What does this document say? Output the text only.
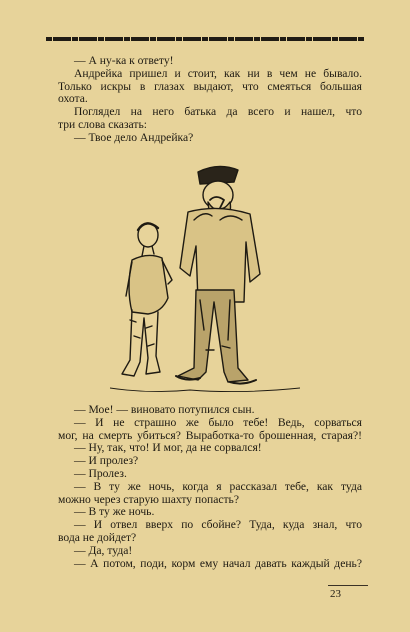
— А ну-ка к ответу!
Андрейка пришел и стоит, как ни в чем не бывало.
Только искры в глазах выдают, что смеяться большая
охота.
Поглядел на него батька да всего и нашел, что
три слова сказать:
— Твое дело Андрейка?
— Мое! — виновато потупился сын.
— И не страшно же было тебе! Ведь, сорваться
мог, на смерть убиться? Выработка-то брошенная, старая?!
— Ну, так, что! И мог, да не сорвался!
— И пролез?
— Пролез.
— В ту же ночь, когда я рассказал тебе, как туда
можно через старую шахту попасть?
— В ту же ночь.
— И отвел вверх по сбойне? Туда, куда знал, что
вода не дойдет?
— Да, туда!
— А потом, поди, корм ему начал давать каждый день?
23
